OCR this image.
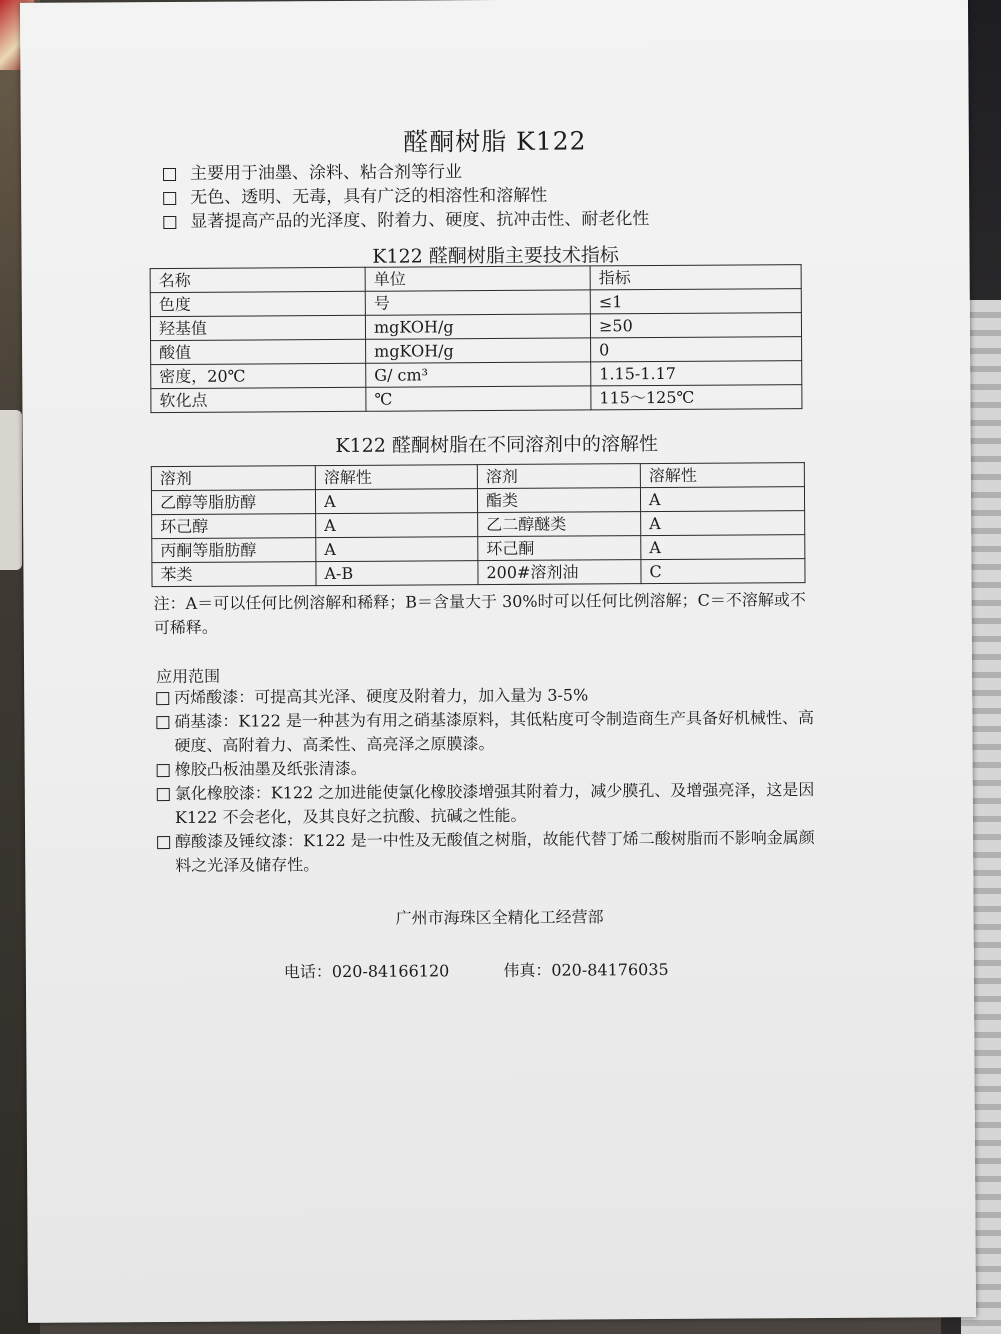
醛酮树脂 K122
主要用于油墨、涂料、粘合剂等行业
无色、透明、无毒，具有广泛的相溶性和溶解性
显著提高产品的光泽度、附着力、硬度、抗冲击性、耐老化性
K122 醛酮树脂主要技术指标
名称	单位	指标
色度	号	≤1
羟基值	mgKOH/g	≥50
酸值	mgKOH/g	0
密度，20℃	G/ cm³	1.15-1.17
软化点	℃	115～125℃
K122 醛酮树脂在不同溶剂中的溶解性
溶剂	溶解性	溶剂	溶解性
乙醇等脂肪醇	A	酯类	A
环己醇	A	乙二醇醚类	A
丙酮等脂肪醇	A	环己酮	A
苯类	A-B	200#溶剂油	C

注：A＝可以任何比例溶解和稀释；B＝含量大于 30%时可以任何比例溶解；C＝不溶解或不可稀释。

应用范围
丙烯酸漆：可提高其光泽、硬度及附着力，加入量为 3-5%
硝基漆：K122 是一种甚为有用之硝基漆原料，其低粘度可令制造商生产具备好机械性、高硬度、高附着力、高柔性、高亮泽之原膜漆。
橡胶凸板油墨及纸张清漆。
氯化橡胶漆：K122 之加进能使氯化橡胶漆增强其附着力，减少膜孔、及增强亮泽，这是因 K122 不会老化，及其良好之抗酸、抗碱之性能。
醇酸漆及锤纹漆：K122 是一中性及无酸值之树脂，故能代替丁烯二酸树脂而不影响金属颜料之光泽及储存性。
广州市海珠区全精化工经营部
电话：020-84166120	伟真：020-84176035
